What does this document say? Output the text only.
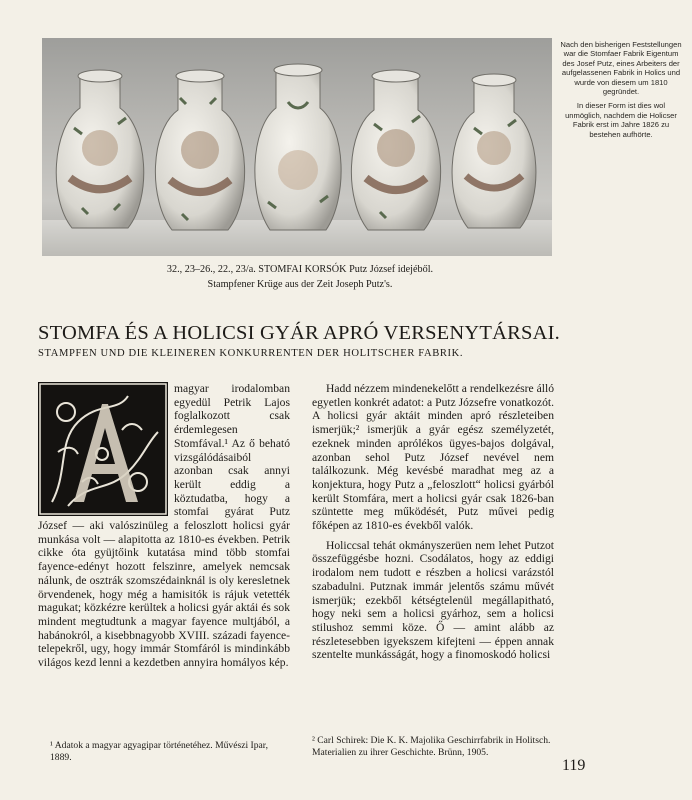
Nach den bisherigen Feststellungen war die Stomfaer Fabrik Eigentum des Josef Putz, eines Arbeiters der aufgelassenen Fabrik in Holics und wurde von diesem um 1810 gegründet.

In dieser Form ist dies wol unmöglich, nachdem die Holicser Fabrik erst im Jahre 1826 zu bestehen aufhörte.

32., 23–26., 22., 23/a. STOMFAI KORSÓK Putz József idejéből.
Stampfener Krüge aus der Zeit Joseph Putz's.
STOMFA ÉS A HOLICSI GYÁR APRÓ VERSENYTÁRSAI.
STAMPFEN UND DIE KLEINEREN KONKURRENTEN DER HOLITSCHER FABRIK.

magyar irodalomban egyedül Petrik Lajos foglalkozott csak érdemlegesen Stomfával.¹ Az ő beható vizsgálódásaiból azonban csak annyi került eddig a köztudatba, hogy a stomfai gyárat Putz József — aki valószinüleg a feloszlott holicsi gyár munkása volt — alapitotta az 1810-es években. Petrik cikke óta gyüjtőink kutatása mind több stomfai fayence-edényt hozott felszinre, amelyek nemcsak nálunk, de osztrák szomszédainknál is oly keresletnek örvendenek, hogy még a hamisitók is rájuk vetették magukat; közkézre kerültek a holicsi gyár aktái és sok mindent megtudtunk a magyar fayence multjából, a habánokról, a kisebbnagyobb XVIII. századi fayence-telepekről, ugy, hogy immár Stomfáról is mindinkább világos kezd lenni a kezdetben annyira homályos kép.

Hadd nézzem mindenekelőtt a rendelkezésre álló egyetlen konkrét adatot: a Putz Józsefre vonatkozót. A holicsi gyár aktáit minden apró részleteiben ismerjük;² ismerjük a gyár egész személyzetét, ezeknek minden aprólékos ügyes-bajos dolgával, azonban sehol Putz József nevével nem találkozunk. Még kevésbé maradhat meg az a konjektura, hogy Putz a „feloszlott“ holicsi gyárból került Stomfára, mert a holicsi gyár csak 1826-ban szüntette meg működését, Putz művei pedig főképen az 1810-es évekből valók.

Holiccsal tehát okmányszerüen nem lehet Putzot összefüggésbe hozni. Csodálatos, hogy az eddigi irodalom nem tudott e részben a holicsi varázstól szabadulni. Putznak immár jelentős számu művét ismerjük; ezekből kétségtelenül megállapitható, hogy neki sem a holicsi gyárhoz, sem a holicsi stilushoz semmi köze. Ő — amint alább az részletesebben igyekszem kifejteni — éppen annak szentelte munkásságát, hogy a finomoskodó holicsi

¹ Adatok a magyar agyagipar történetéhez. Művészi Ipar, 1889.
² Carl Schirek: Die K. K. Majolika Geschirrfabrik in Holitsch. Materialien zu ihrer Geschichte. Brünn, 1905.
119
